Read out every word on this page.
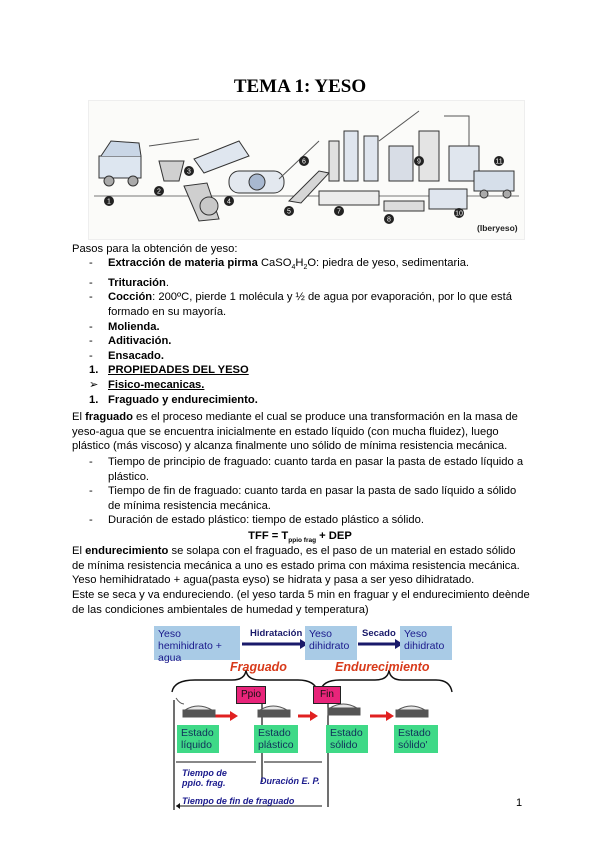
TEMA 1: YESO
1
2
3
4
5
6
7
8
9
10
11
(Iberyeso)
Pasos para la obtención de yeso:
- Extracción de materia pirma $CaSO_4H_2O$: piedra de yeso, sedimentaria.
- Trituración.
- Cocción: 200ºC, pierde 1 molécula y ½ de agua por evaporación, por lo que está formado en su mayoría.
- Molienda.
- Aditivación.
- Ensacado.
1. PROPIEDADES DEL YESO
➢ Fisico-mecanicas.
1. Fraguado y endurecimiento.
El fraguado es el proceso mediante el cual se produce una transformación en la masa de yeso-agua que se encuentra inicialmente en estado líquido (con mucha fluidez), luego plástico (más viscoso) y alcanza finalmente uno sólido de mínima resistencia mecánica.
- Tiempo de principio de fraguado: cuanto tarda en pasar la pasta de estado líquido a plástico.
- Tiempo de fin de fraguado: cuanto tarda en pasar la pasta de sado líquido a sólido de mínima resistencia mecánica.
- Duración de estado plástico: tiempo de estado plástico a sólido.
TFF = $T_{ppio frag}$ + DEP
El endurecimiento se solapa con el fraguado, es el paso de un material en estado sólido de mínima resistencia mecánica a uno es estado prima con máxima resistencia mecánica.
Yeso hemihidratado + agua(pasta eyso) se hidrata y pasa a ser yeso dihidratado.
Este se seca y va endureciendo. (el yeso tarda 5 min en fraguar y el endurecimiento deènde de las condiciones ambientales de humedad y temperatura)
Yeso hemihidrato + agua
Hidratación Yeso dihidrato
Secado Yeso dihidrato
Fraguado	Endurecimiento
Ppio	Fin
Estado líquido
Estado plástico
Estado sólido
Estado sólido'
Tiempo de ppio. frag.	Duración E. P.
Tiempo de fin de fraguado	1
